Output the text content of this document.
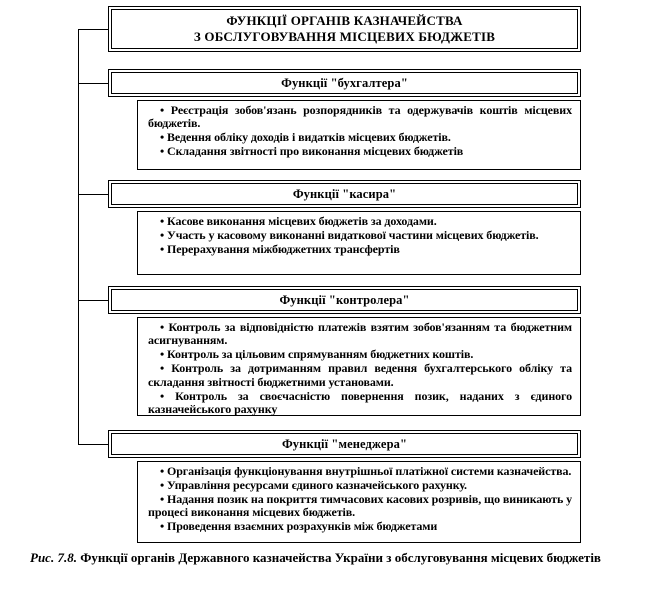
ФУНКЦІЇ ОРГАНІВ КАЗНАЧЕЙСТВА
З ОБСЛУГОВУВАННЯ МІСЦЕВИХ БЮДЖЕТІВ
Функції "бухгалтера"
• Реєстрація зобов'язань розпорядників та одержувачів коштів місцевих бюджетів.
• Ведення обліку доходів і видатків місцевих бюджетів.
• Складання звітності про виконання місцевих бюджетів
Функції "касира"
• Касове виконання місцевих бюджетів за доходами.
• Участь у касовому виконанні видаткової частини місцевих бюджетів.
• Перерахування міжбюджетних трансфертів
Функції "контролера"
• Контроль за відповідністю платежів взятим зобов'язанням та бюджетним асигнуванням.
• Контроль за цільовим спрямуванням бюджетних коштів.
• Контроль за дотриманням правил ведення бухгалтерського обліку та складання звітності бюджетними установами.
• Контроль за своєчасністю повернення позик, наданих з єдиного казначейського рахунку
Функції "менеджера"
• Організація функціонування внутрішньої платіжної системи казначейства.
• Управління ресурсами єдиного казначейського рахунку.
• Надання позик на покриття тимчасових касових розривів, що виникають у процесі виконання місцевих бюджетів.
• Проведення взаємних розрахунків між бюджетами
Рис. 7.8. Функції органів Державного казначейства України з обслуговування місцевих бюджетів
